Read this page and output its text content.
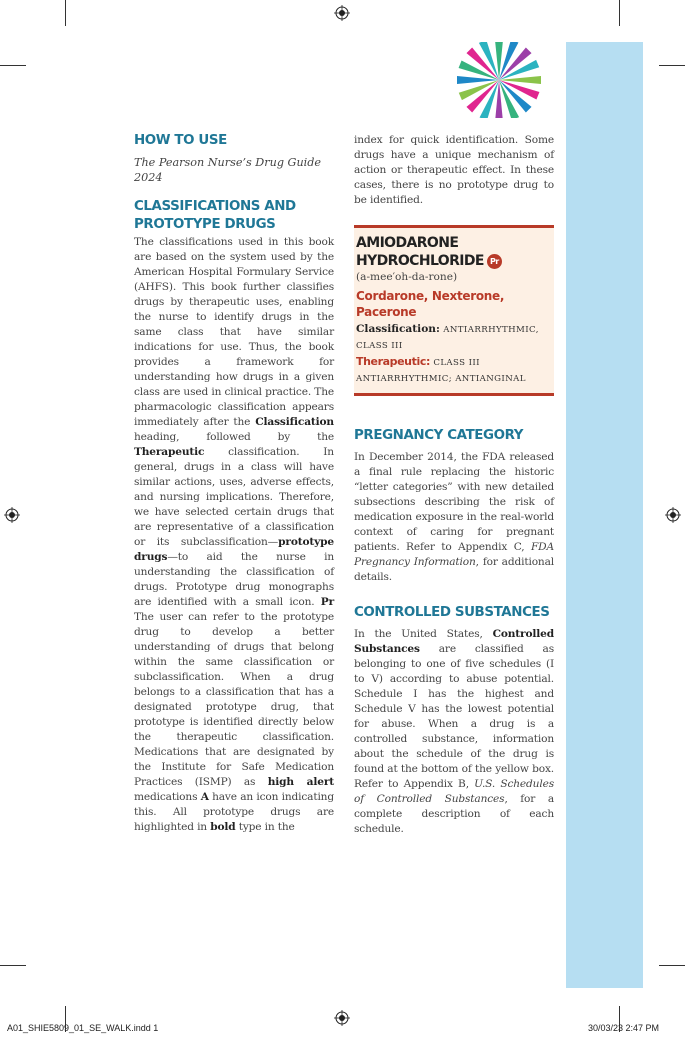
HOW TO USE
The Pearson Nurse’s Drug Guide 2024
CLASSIFICATIONS AND PROTOTYPE DRUGS
The classifications used in this book are based on the system used by the American Hospital Formulary Service (AHFS). This book further classifies drugs by therapeutic uses, enabling the nurse to identify drugs in the same class that have similar indications for use. Thus, the book provides a framework for understanding how drugs in a given class are used in clinical practice. The pharmacologic classification appears immediately after the Classification heading, followed by the Therapeutic classification. In general, drugs in a class will have similar actions, uses, adverse effects, and nursing implications. Therefore, we have selected certain drugs that are representative of a classification or its subclassification—prototype drugs—to aid the nurse in understanding the classification of drugs. Prototype drug monographs are identified with a small icon. Pr The user can refer to the prototype drug to develop a better understanding of drugs that belong within the same classification or subclassification. When a drug belongs to a classification that has a designated prototype drug, that prototype is identified directly below the therapeutic classification. Medications that are designated by the Institute for Safe Medication Practices (ISMP) as high alert medications A have an icon indicating this. All prototype drugs are highlighted in bold type in the
index for quick identification. Some drugs have a unique mechanism of action or therapeutic effect. In these cases, there is no prototype drug to be identified.
AMIODARONE HYDROCHLORIDE Pr
(a-mee′oh-da-rone)
Cordarone, Nexterone, Pacerone
Classification: ANTIARRHYTHMIC, CLASS III
Therapeutic: CLASS III ANTIARRHYTHMIC; ANTIANGINAL
PREGNANCY CATEGORY
In December 2014, the FDA released a final rule replacing the historic “letter categories” with new detailed subsections describing the risk of medication exposure in the real-world context of caring for pregnant patients. Refer to Appendix C, FDA Pregnancy Information, for additional details.
CONTROLLED SUBSTANCES
In the United States, Controlled Substances are classified as belonging to one of five schedules (I to V) according to abuse potential. Schedule I has the highest and Schedule V has the lowest potential for abuse. When a drug is a controlled substance, information about the schedule of the drug is found at the bottom of the yellow box. Refer to Appendix B, U.S. Schedules of Controlled Substances, for a complete description of each schedule.
A01_SHIE5809_01_SE_WALK.indd 1	30/03/23 2:47 PM
